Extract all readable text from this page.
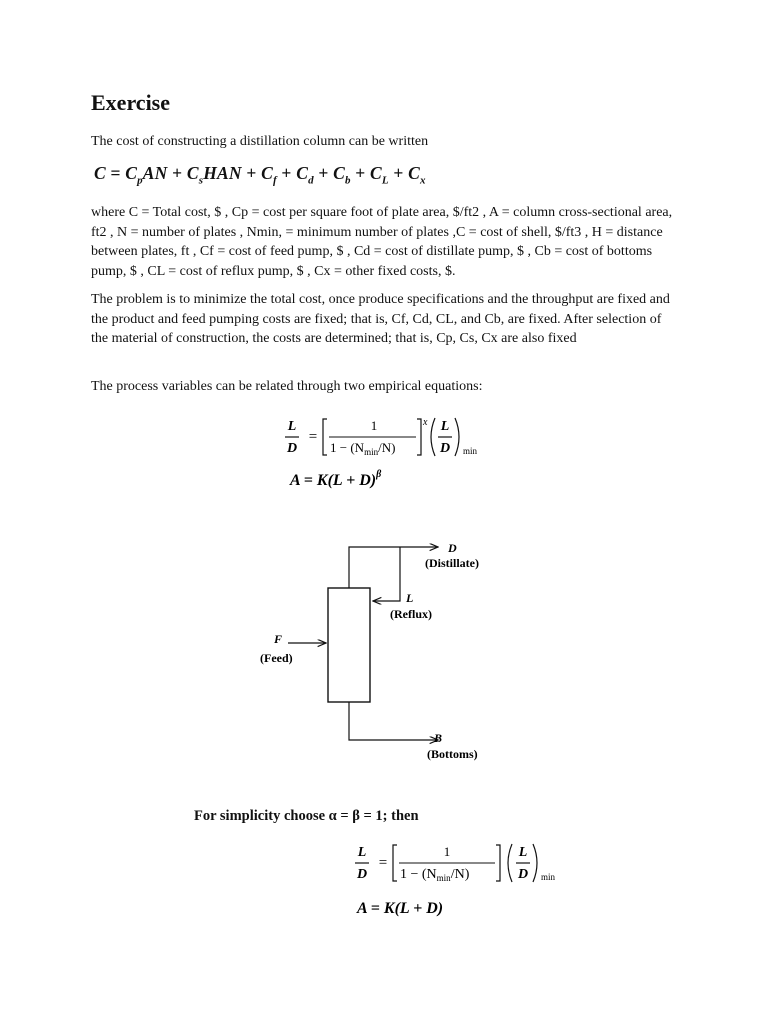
Exercise

The cost of constructing a distillation column can be written

$C = C_pAN + C_sHAN + C_f + C_d + C_b + C_L + C_x$

where C = Total cost, $ , Cp = cost per square foot of plate area, $/ft2 , A = column cross-sectional area, ft2 , N = number of plates , Nmin, = minimum number of plates ,C = cost of shell, $/ft3 , H = distance between plates, ft , Cf = cost of feed pump, $ , Cd = cost of distillate pump, $ , Cb = cost of bottoms pump, $ , CL = cost of reflux pump, $ , Cx = other fixed costs, $.

The problem is to minimize the total cost, once produce specifications and the throughput are fixed and the product and feed pumping costs are fixed; that is, Cf, Cd, CL, and Cb, are fixed. After selection of the material of construction, the costs are determined; that is, Cp, Cs, Cx are also fixed

The process variables can be related through two empirical equations:

L
D
=
1
$1 - (N_{min}/N)$
x L
D min
$A = K(L + D)^\beta$
D
(Distillate)
L
(Reflux)
F
(Feed)
B
(Bottoms)
For simplicity choose α = β = 1; then
L
D
=
1
$1 - (N_{min}/N)$
L
D min
A = K(L + D)
